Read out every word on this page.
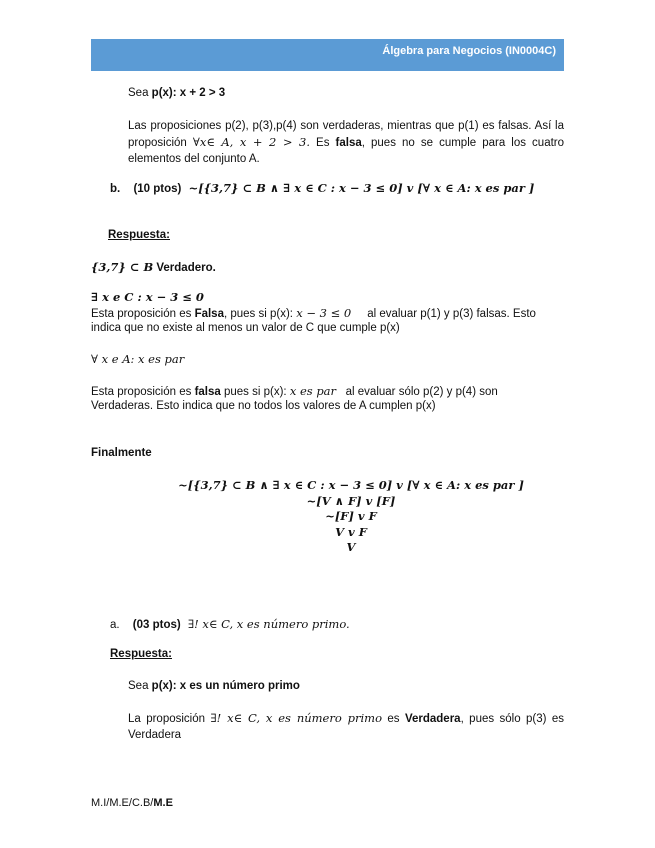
Álgebra para Negocios (IN0004C)
Sea p(x): x + 2 > 3
Las proposiciones p(2), p(3),p(4) son verdaderas, mientras que p(1) es falsas. Así la proposición ∀x∈ A, x + 2 > 3. Es falsa, pues no se cumple para los cuatro elementos del conjunto A.
b. (10 ptos) ~[{3,7} ⊂ B ∧ ∃ x ∈ C : x − 3 ≤ 0] v [∀ x ∈ A: x es par ]
Respuesta:
{3,7} ⊂ B Verdadero.
∃ x e C : x − 3 ≤ 0
Esta proposición es Falsa, pues si p(x): x − 3 ≤ 0     al evaluar p(1) y p(3) falsas. Esto
indica que no existe al menos un valor de C que cumple p(x)
∀ x e A: x es par
Esta proposición es falsa pues si p(x): x es par   al evaluar sólo p(2) y p(4) son
Verdaderas. Esto indica que no todos los valores de A cumplen p(x)
Finalmente
~[{3,7} ⊂ B ∧ ∃ x ∈ C : x − 3 ≤ 0] v [∀ x ∈ A: x es par ]
~[V ∧ F] v [F]
~[F] v F
V v F
V
a. (03 ptos) ∃! x∈ C, x es número primo.
Respuesta:
Sea p(x): x es un número primo
La proposición ∃! x∈ C, x es número primo es Verdadera, pues sólo p(3) es Verdadera
M.I/M.E/C.B/M.E
